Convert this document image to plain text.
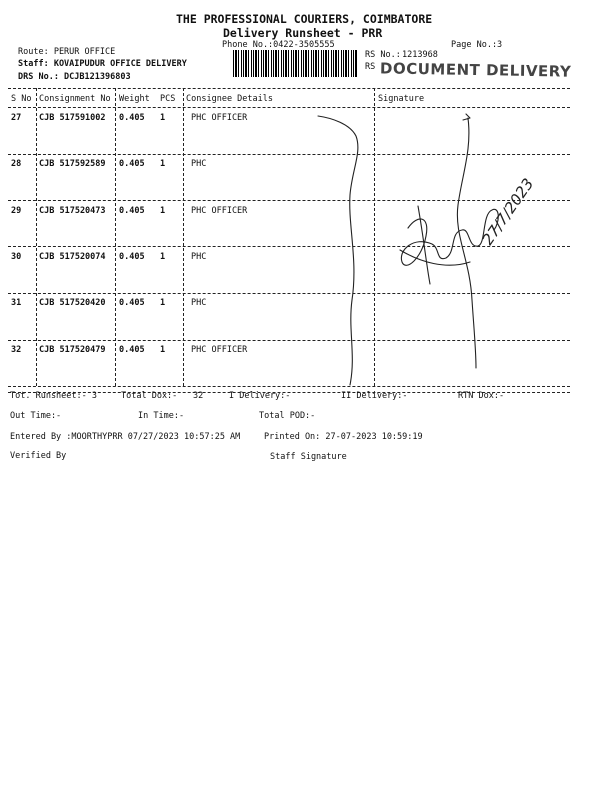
THE PROFESSIONAL COURIERS, COIMBATORE
Delivery Runsheet - PRR
Phone No.:0422-3505555	Page No.:3
Route: PERUR OFFICE
Staff: KOVAIPUDUR OFFICE DELIVERY
DRS No.: DCJB121396803
RS No.: 1213968
RS DOCUMENT DELIVERY
S No Consignment No Weight PCS Consignee Details	Signature
27 CJB 517591002 0.405 1	PHC OFFICER
28 CJB 517592589 0.405 1	PHC
29 CJB 517520473 0.405 1	PHC OFFICER
30 CJB 517520074 0.405 1	PHC
31 CJB 517520420 0.405 1	PHC
32 CJB 517520479 0.405 1	PHC OFFICER
27/7/2023
Tot. Runsheet:- 3	Total Dox:- 32	I Delivery:-	II Delivery:-	RTN Dox:-
Out Time:-	In Time:-	Total POD:-
Entered By :MOORTHYPRR 07/27/2023 10:57:25 AM	Printed On: 27-07-2023 10:59:19
Verified By	Staff Signature
